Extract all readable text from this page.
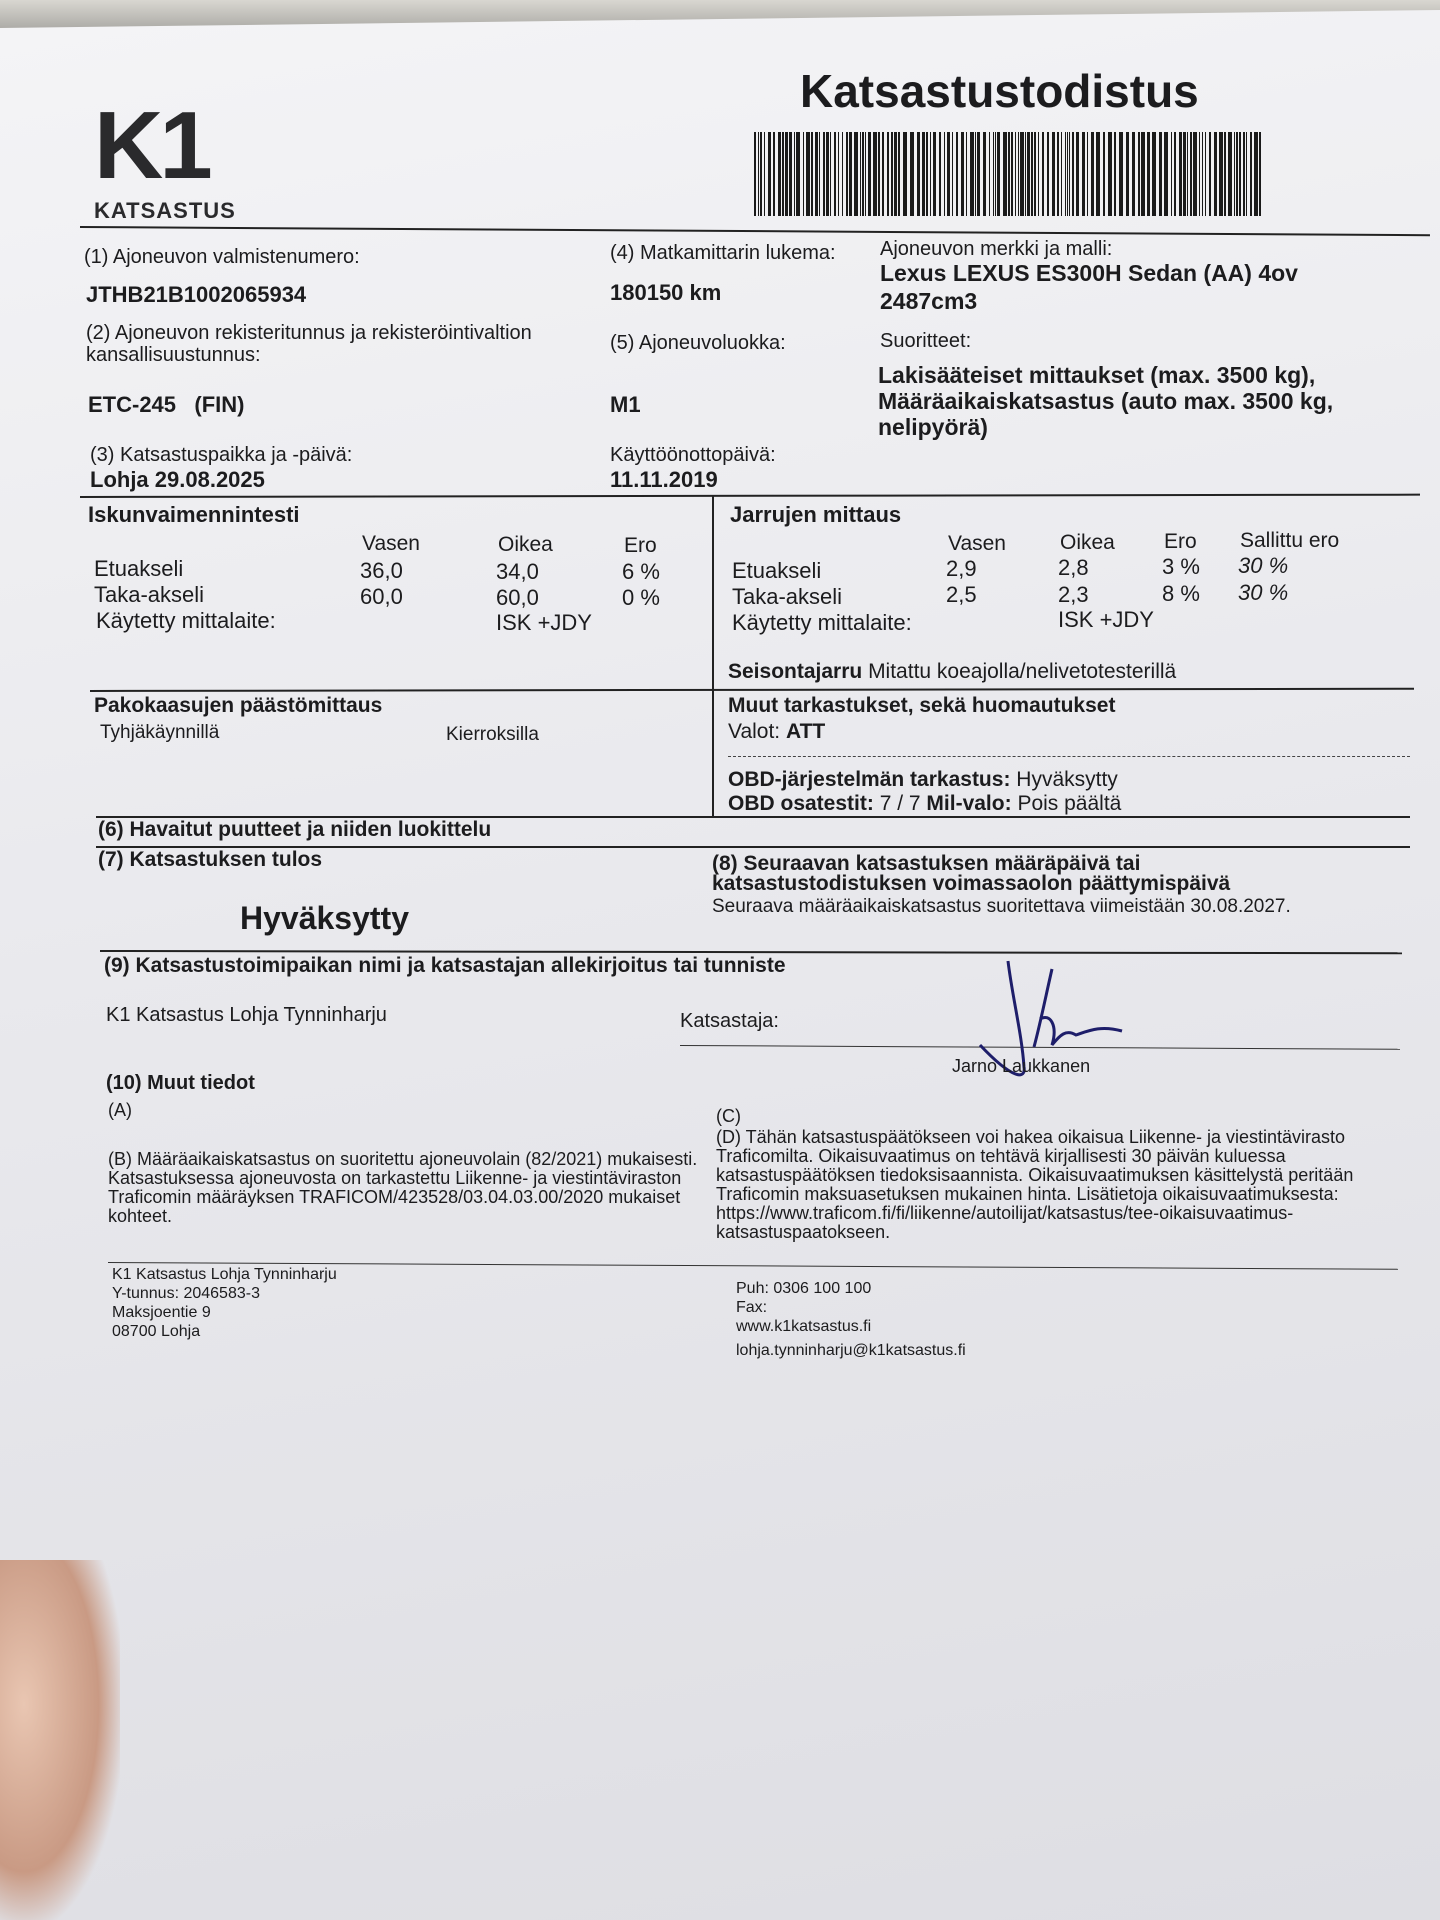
K1
KATSASTUS
Katsastustodistus
(1) Ajoneuvon valmistenumero:
JTHB21B1002065934
(4) Matkamittarin lukema:
180150 km
Ajoneuvon merkki ja malli:
Lexus LEXUS ES300H Sedan (AA) 4ov
2487cm3
(2) Ajoneuvon rekisteritunnus ja rekisteröintivaltion
kansallisuustunnus:
ETC-245   (FIN)
(5) Ajoneuvoluokka:
M1
Suoritteet:
Lakisääteiset mittaukset (max. 3500 kg),
Määräaikaiskatsastus (auto max. 3500 kg,
nelipyörä)
(3) Katsastuspaikka ja -päivä:
Lohja 29.08.2025
Käyttöönottopäivä:
11.11.2019
Iskunvaimennintesti
Vasen	Oikea	Ero
Etuakseli	36,0	34,0	6 %
Taka-akseli	60,0	60,0	0 %
Käytetty mittalaite:	ISK +JDY
Jarrujen mittaus
Vasen	Oikea Ero Sallittu ero
Etuakseli	2,9	2,8	3 % 30 %
Taka-akseli	2,5	2,3	8 % 30 %
Käytetty mittalaite:	ISK +JDY
Seisontajarru Mitattu koeajolla/nelivetotesterillä
Pakokaasujen päästömittaus
Tyhjäkäynnillä	Kierroksilla
Muut tarkastukset, sekä huomautukset
Valot: ATT
OBD-järjestelmän tarkastus: Hyväksytty
OBD osatestit: 7 / 7 Mil-valo: Pois päältä
(6) Havaitut puutteet ja niiden luokittelu
(7) Katsastuksen tulos
Hyväksytty
(8) Seuraavan katsastuksen määräpäivä tai
katsastustodistuksen voimassaolon päättymispäivä
Seuraava määräaikaiskatsastus suoritettava viimeistään 30.08.2027.
(9) Katsastustoimipaikan nimi ja katsastajan allekirjoitus tai tunniste
K1 Katsastus Lohja Tynninharju	Katsastaja:
Jarno Laukkanen
(10) Muut tiedot
(A)
(B) Määräaikaiskatsastus on suoritettu ajoneuvolain (82/2021) mukaisesti. Katsastuksessa ajoneuvosta on tarkastettu Liikenne- ja viestintäviraston Traficomin määräyksen TRAFICOM/423528/03.04.03.00/2020 mukaiset kohteet.
(C)
(D) Tähän katsastuspäätökseen voi hakea oikaisua Liikenne- ja viestintävirasto Traficomilta. Oikaisuvaatimus on tehtävä kirjallisesti 30 päivän kuluessa katsastuspäätöksen tiedoksisaannista. Oikaisuvaatimuksen käsittelystä peritään Traficomin maksuasetuksen mukainen hinta. Lisätietoja oikaisuvaatimuksesta: https://www.traficom.fi/fi/liikenne/autoilijat/katsastus/tee-oikaisuvaatimus-katsastuspaatokseen.
K1 Katsastus Lohja Tynninharju
Y-tunnus: 2046583-3
Maksjoentie 9
08700 Lohja
Puh: 0306 100 100
Fax:
www.k1katsastus.fi
lohja.tynninharju@k1katsastus.fi
